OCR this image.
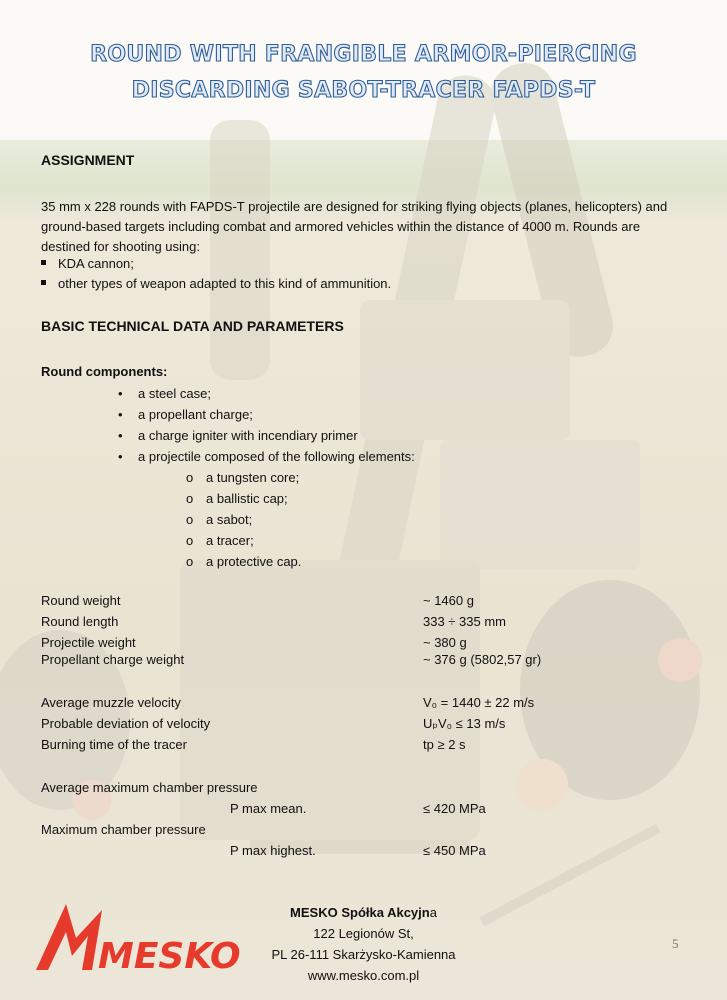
ROUND WITH FRANGIBLE ARMOR-PIERCING
DISCARDING SABOT-TRACER FAPDS-T
ASSIGNMENT
35 mm x 228 rounds with FAPDS-T projectile are designed for striking flying objects (planes, helicopters) and ground-based targets including combat and armored vehicles within the distance of 4000 m. Rounds are destined for shooting using:
KDA cannon;
other types of weapon adapted to this kind of ammunition.
BASIC TECHNICAL DATA AND PARAMETERS
Round components:
• a steel case;
• a propellant charge;
• a charge igniter with incendiary primer
• a projectile composed of the following elements:
o a tungsten core;
o a ballistic cap;
o a sabot;
o a tracer;
o a protective cap.
Round weight	~ 1460 g
Round length	333 ÷ 335 mm
Projectile weight	~ 380 g
Propellant charge weight	~ 376 g (5802,57 gr)
Average muzzle velocity	V₀ = 1440 ± 22 m/s
Probable deviation of velocity	UₚV₀ ≤ 13 m/s
Burning time of the tracer	tp ≥ 2 s
Average maximum chamber pressure
P max mean.	≤ 420 MPa
Maximum chamber pressure
P max highest.	≤ 450 MPa
MESKO
MESKO Spółka Akcyjna
122 Legionów St,
PL 26-111 Skarżysko-Kamienna
www.mesko.com.pl
5
